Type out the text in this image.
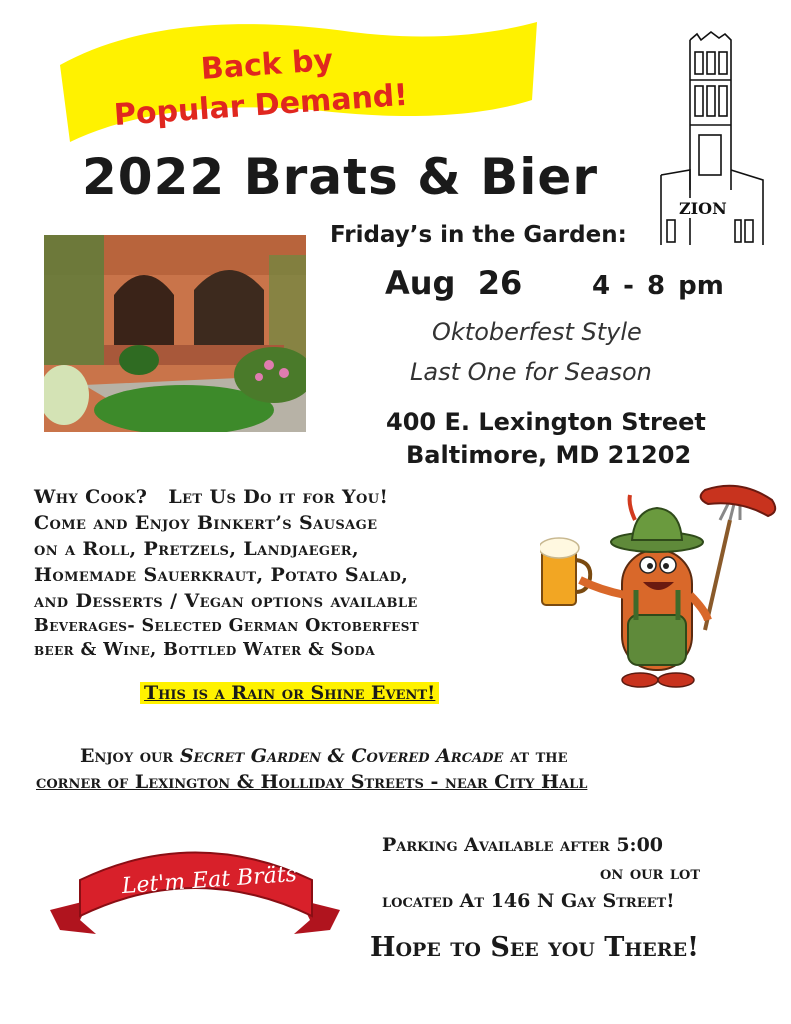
Back by
Popular Demand!
2022 Brats & Bier
ZION
Friday’s in the Garden:
Aug  26	4 - 8 pm
Oktoberfest Style
Last One for Season
400 E. Lexington Street
Baltimore, MD 21202
Why Cook?   Let Us Do it for You!
Come and Enjoy Binkert’s Sausage
on a Roll, Pretzels, Landjaeger,
Homemade Sauerkraut, Potato Salad,
and Desserts / Vegan options available
Beverages- Selected German Oktoberfest
beer & Wine, Bottled Water & Soda
This is a Rain or Shine Event!
Enjoy our Secret Garden & Covered Arcade at the
corner of Lexington & Holliday Streets - near City Hall
Let'm Eat Bräts
Parking Available after 5:00
on our lot
located At 146 N Gay Street!
Hope to See you There!
